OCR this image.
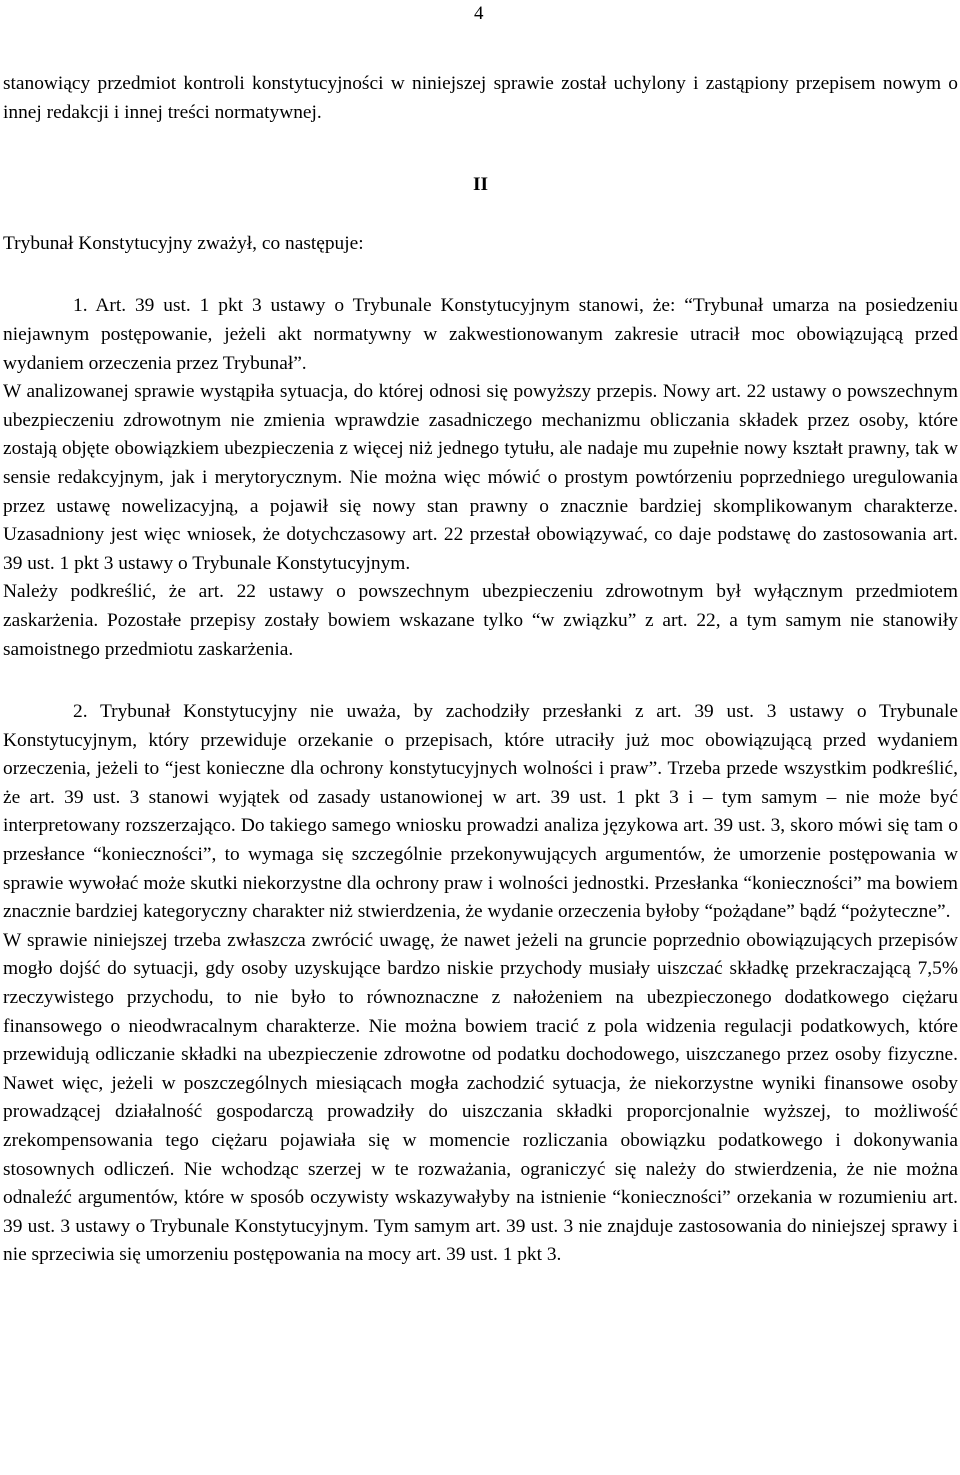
4

stanowiący przedmiot kontroli konstytucyjności w niniejszej sprawie został uchylony i zastąpiony przepisem nowym o innej redakcji i innej treści normatywnej.

II

Trybunał Konstytucyjny zważył, co następuje:

1. Art. 39 ust. 1 pkt 3 ustawy o Trybunale Konstytucyjnym stanowi, że: “Trybunał umarza na posiedzeniu niejawnym postępowanie, jeżeli akt normatywny w zakwestionowanym zakresie utracił moc obowiązującą przed wydaniem orzeczenia przez Trybunał”.

W analizowanej sprawie wystąpiła sytuacja, do której odnosi się powyższy przepis. Nowy art. 22 ustawy o powszechnym ubezpieczeniu zdrowotnym nie zmienia wprawdzie zasadniczego mechanizmu obliczania składek przez osoby, które zostają objęte obowiązkiem ubezpieczenia z więcej niż jednego tytułu, ale nadaje mu zupełnie nowy kształt prawny, tak w sensie redakcyjnym, jak i merytorycznym. Nie można więc mówić o prostym powtórzeniu poprzedniego uregulowania przez ustawę nowelizacyjną, a pojawił się nowy stan prawny o znacznie bardziej skomplikowanym charakterze. Uzasadniony jest więc wniosek, że dotychczasowy art. 22 przestał obowiązywać, co daje podstawę do zastosowania art. 39 ust. 1 pkt 3 ustawy o Trybunale Konstytucyjnym.

Należy podkreślić, że art. 22 ustawy o powszechnym ubezpieczeniu zdrowotnym był wyłącznym przedmiotem zaskarżenia. Pozostałe przepisy zostały bowiem wskazane tylko “w związku” z art. 22, a tym samym nie stanowiły samoistnego przedmiotu zaskarżenia.

2. Trybunał Konstytucyjny nie uważa, by zachodziły przesłanki z art. 39 ust. 3 ustawy o Trybunale Konstytucyjnym, który przewiduje orzekanie o przepisach, które utraciły już moc obowiązującą przed wydaniem orzeczenia, jeżeli to “jest konieczne dla ochrony konstytucyjnych wolności i praw”. Trzeba przede wszystkim podkreślić, że art. 39 ust. 3 stanowi wyjątek od zasady ustanowionej w art. 39 ust. 1 pkt 3 i – tym samym – nie może być interpretowany rozszerzająco. Do takiego samego wniosku prowadzi analiza językowa art. 39 ust. 3, skoro mówi się tam o przesłance “konieczności”, to wymaga się szczególnie przekonywujących argumentów, że umorzenie postępowania w sprawie wywołać może skutki niekorzystne dla ochrony praw i wolności jednostki. Przesłanka “konieczności” ma bowiem znacznie bardziej kategoryczny charakter niż stwierdzenia, że wydanie orzeczenia byłoby “pożądane” bądź “pożyteczne”.

W sprawie niniejszej trzeba zwłaszcza zwrócić uwagę, że nawet jeżeli na gruncie poprzednio obowiązujących przepisów mogło dojść do sytuacji, gdy osoby uzyskujące bardzo niskie przychody musiały uiszczać składkę przekraczającą 7,5% rzeczywistego przychodu, to nie było to równoznaczne z nałożeniem na ubezpieczonego dodatkowego ciężaru finansowego o nieodwracalnym charakterze. Nie można bowiem tracić z pola widzenia regulacji podatkowych, które przewidują odliczanie składki na ubezpieczenie zdrowotne od podatku dochodowego, uiszczanego przez osoby fizyczne. Nawet więc, jeżeli w poszczególnych miesiącach mogła zachodzić sytuacja, że niekorzystne wyniki finansowe osoby prowadzącej działalność gospodarczą prowadziły do uiszczania składki proporcjonalnie wyższej, to możliwość zrekompensowania tego ciężaru pojawiała się w momencie rozliczania obowiązku podatkowego i dokonywania stosownych odliczeń. Nie wchodząc szerzej w te rozważania, ograniczyć się należy do stwierdzenia, że nie można odnaleźć argumentów, które w sposób oczywisty wskazywałyby na istnienie “konieczności” orzekania w rozumieniu art. 39 ust. 3 ustawy o Trybunale Konstytucyjnym. Tym samym art. 39 ust. 3 nie znajduje zastosowania do niniejszej sprawy i nie sprzeciwia się umorzeniu postępowania na mocy art. 39 ust. 1 pkt 3.
